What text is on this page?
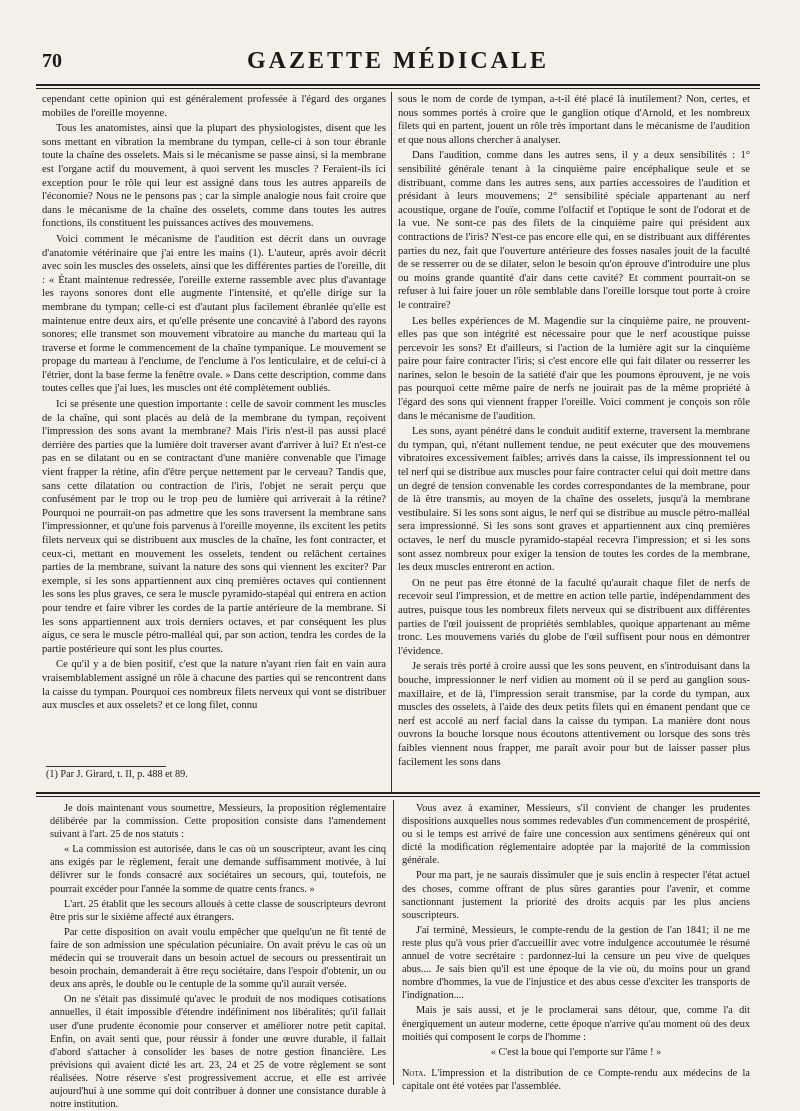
70	GAZETTE MÉDICALE

cependant cette opinion qui est généralement professée à l'égard des organes mobiles de l'oreille moyenne.

Tous les anatomistes, ainsi que la plupart des physiologistes, disent que les sons mettant en vibration la membrane du tympan, celle-ci à son tour ébranle toute la chaîne des osselets. Mais si le mécanisme se passe ainsi, si la membrane est l'organe actif du mouvement, à quoi servent les muscles ? Feraient-ils ici exception pour le rôle qui leur est assigné dans tous les autres appareils de l'économie? Nous ne le pensons pas ; car la simple analogie nous fait croire que dans le mécanisme de la chaîne des osselets, comme dans toutes les autres fonctions, ils constituent les puissances actives des mouvemens.

Voici comment le mécanisme de l'audition est décrit dans un ouvrage d'anatomie vétérinaire que j'ai entre les mains (1). L'auteur, après avoir décrit avec soin les muscles des osselets, ainsi que les différentes parties de l'oreille, dit : « Étant maintenue redressée, l'oreille externe rassemble avec plus d'avantage les rayons sonores dont elle augmente l'intensité, et qu'elle dirige sur la membrane du tympan; celle-ci est d'autant plus facilement ébranlée qu'elle est maintenue entre deux airs, et qu'elle présente une concavité à l'abord des rayons sonores; elle transmet son mouvement vibratoire au manche du marteau qui la traverse et forme le commencement de la chaîne tympanique. Le mouvement se propage du marteau à l'enclume, de l'enclume à l'os lenticulaire, et de celui-ci à l'étrier, dont la base ferme la fenêtre ovale. » Dans cette description, comme dans toutes celles que j'ai lues, les muscles ont été complètement oubliés.

Ici se présente une question importante : celle de savoir comment les muscles de la chaîne, qui sont placés au delà de la membrane du tympan, reçoivent l'impression des sons avant la membrane? Mais l'iris n'est-il pas aussi placé derrière des parties que la lumière doit traverser avant d'arriver à lui? Et n'est-ce pas en se dilatant ou en se contractant d'une manière convenable que l'image vient frapper la rétine, afin d'être perçue nettement par le cerveau? Tandis que, sans cette dilatation ou contraction de l'iris, l'objet ne serait perçu que confusément par le trop ou le trop peu de lumière qui arriverait à la rétine? Pourquoi ne pourrait-on pas admettre que les sons traversent la membrane sans l'impressionner, et qu'une fois parvenus à l'oreille moyenne, ils excitent les petits filets nerveux qui se distribuent aux muscles de la chaîne, les font contracter, et ceux-ci, mettant en mouvement les osselets, tendent ou relâchent certaines parties de la membrane, suivant la nature des sons qui viennent les exciter? Par exemple, si les sons appartiennent aux cinq premières octaves qui contiennent les sons les plus graves, ce sera le muscle pyramido-stapéal qui entrera en action pour tendre et faire vibrer les cordes de la partie antérieure de la membrane. Si les sons appartiennent aux trois derniers octaves, et par conséquent les plus aigus, ce sera le muscle pétro-malléal qui, par son action, tendra les cordes de la partie postérieure qui sont les plus courtes.

Ce qu'il y a de bien positif, c'est que la nature n'ayant rien fait en vain aura vraisemblablement assigné un rôle à chacune des parties qui se rencontrent dans la caisse du tympan. Pourquoi ces nombreux filets nerveux qui vont se distribuer aux muscles et aux osselets? et ce long filet, connu

sous le nom de corde de tympan, a-t-il été placé là inutilement? Non, certes, et nous sommes portés à croire que le ganglion otique d'Arnold, et les nombreux filets qui en partent, jouent un rôle très important dans le mécanisme de l'audition et que nous allons chercher à analyser.

Dans l'audition, comme dans les autres sens, il y a deux sensibilités : 1° sensibilité générale tenant à la cinquième paire encéphalique seule et se distribuant, comme dans les autres sens, aux parties accessoires de l'audition et présidant à leurs mouvemens; 2° sensibilité spéciale appartenant au nerf acoustique, organe de l'ouïe, comme l'olfactif et l'optique le sont de l'odorat et de la vue. Ne sont-ce pas des filets de la cinquième paire qui président aux contractions de l'iris? N'est-ce pas encore elle qui, en se distribuant aux différentes parties du nez, fait que l'ouverture antérieure des fosses nasales jouit de la faculté de se resserrer ou de se dilater, selon le besoin qu'on éprouve d'introduire une plus ou moins grande quantité d'air dans cette cavité? Et comment pourrait-on se refuser à lui faire jouer un rôle semblable dans l'oreille lorsque tout porte à croire le contraire?

Les belles expériences de M. Magendie sur la cinquième paire, ne prouvent-elles pas que son intégrité est nécessaire pour que le nerf acoustique puisse percevoir les sons? Et d'ailleurs, si l'action de la lumière agit sur la cinquième paire pour faire contracter l'iris; si c'est encore elle qui fait dilater ou resserrer les narines, selon le besoin de la satiété d'air que les poumons éprouvent, je ne vois pas pourquoi cette même paire de nerfs ne jouirait pas de la même propriété à l'égard des sons qui viennent frapper l'oreille. Voici comment je conçois son rôle dans le mécanisme de l'audition.

Les sons, ayant pénétré dans le conduit auditif externe, traversent la membrane du tympan, qui, n'étant nullement tendue, ne peut exécuter que des mouvemens vibratoires excessivement faibles; arrivés dans la caisse, ils impressionnent tel ou tel nerf qui se distribue aux muscles pour faire contracter celui qui doit mettre dans un degré de tension convenable les cordes correspondantes de la membrane, pour de là être transmis, au moyen de la chaîne des osselets, jusqu'à la membrane vestibulaire. Si les sons sont aigus, le nerf qui se distribue au muscle pétro-malléal sera impressionné. Si les sons sont graves et appartiennent aux cinq premières octaves, le nerf du muscle pyramido-stapéal recevra l'impression; et si les sons sont assez nombreux pour exiger la tension de toutes les cordes de la membrane, les deux muscles entreront en action.

On ne peut pas être étonné de la faculté qu'aurait chaque filet de nerfs de recevoir seul l'impression, et de mettre en action telle partie, indépendamment des autres, puisque tous les nombreux filets nerveux qui se distribuent aux différentes parties de l'œil jouissent de propriétés semblables, quoique appartenant au même tronc. Les mouvemens variés du globe de l'œil suffisent pour nous en démontrer l'évidence.

Je serais très porté à croire aussi que les sons peuvent, en s'introduisant dans la bouche, impressionner le nerf vidien au moment où il se perd au ganglion sous-maxillaire, et de là, l'impression serait transmise, par la corde du tympan, aux muscles des osselets, à l'aide des deux petits filets qui en émanent pendant que ce nerf est accolé au nerf facial dans la caisse du tympan. La manière dont nous ouvrons la bouche lorsque nous écoutons attentivement ou lorsque des sons très faibles viennent nous frapper, me paraît avoir pour but de laisser passer plus facilement les sons dans

(1) Par J. Girard, t. II, p. 488 et 89.

Je dois maintenant vous soumettre, Messieurs, la proposition réglementaire délibérée par la commission. Cette proposition consiste dans l'amendement suivant à l'art. 25 de nos statuts :

« La commission est autorisée, dans le cas où un souscripteur, avant les cinq ans exigés par le règlement, ferait une demande suffisamment motivée, à lui délivrer sur le fonds consacré aux sociétaires un secours, qui, toutefois, ne pourrait excéder pour l'année la somme de quatre cents francs. »

L'art. 25 établit que les secours alloués à cette classe de souscripteurs devront être pris sur le sixième affecté aux étrangers.

Par cette disposition on avait voulu empêcher que quelqu'un ne fît tenté de faire de son admission une spéculation pécuniaire. On avait prévu le cas où un médecin qui se trouverait dans un besoin actuel de secours ou pressentirait un besoin prochain, demanderait à être reçu sociétaire, dans l'espoir d'obtenir, un ou deux ans après, le double ou le centuple de la somme qu'il aurait versée.

On ne s'était pas dissimulé qu'avec le produit de nos modiques cotisations annuelles, il était impossible d'étendre indéfiniment nos libéralités; qu'il fallait user d'une prudente économie pour conserver et améliorer notre petit capital. Enfin, on avait senti que, pour réussir à fonder une œuvre durable, il fallait d'abord s'attacher à consolider les bases de notre gestion financière. Les prévisions qui avaient dicté les art. 23, 24 et 25 de votre règlement se sont réalisées. Notre réserve s'est progressivement accrue, et elle est arrivée aujourd'hui à une somme qui doit contribuer à donner une consistance durable à notre institution.

Vous avez à examiner, Messieurs, s'il convient de changer les prudentes dispositions auxquelles nous sommes redevables d'un commencement de prospérité, ou si le temps est arrivé de faire une concession aux sentimens généreux qui ont dicté la modification réglementaire adoptée par la majorité de la commission générale.

Pour ma part, je ne saurais dissimuler que je suis enclin à respecter l'état actuel des choses, comme offrant de plus sûres garanties pour l'avenir, et comme sanctionnant justement la priorité des droits acquis par les plus anciens souscripteurs.

J'ai terminé, Messieurs, le compte-rendu de la gestion de l'an 1841; il ne me reste plus qu'à vous prier d'accueillir avec votre indulgence accoutumée le résumé annuel de votre secrétaire : pardonnez-lui la censure un peu vive de quelques abus.... Je sais bien qu'il est une époque de la vie où, du moins pour un grand nombre d'hommes, la vue de l'injustice et des abus cesse d'exciter les transports de l'indignation....

Mais je sais aussi, et je le proclamerai sans détour, que, comme l'a dit énergiquement un auteur moderne, cette époque n'arrive qu'au moment où des deux moitiés qui composent le corps de l'homme :

« C'est la boue qui l'emporte sur l'âme ! »

Nota. L'impression et la distribution de ce Compte-rendu aux médecins de la capitale ont été votées par l'assemblée.
